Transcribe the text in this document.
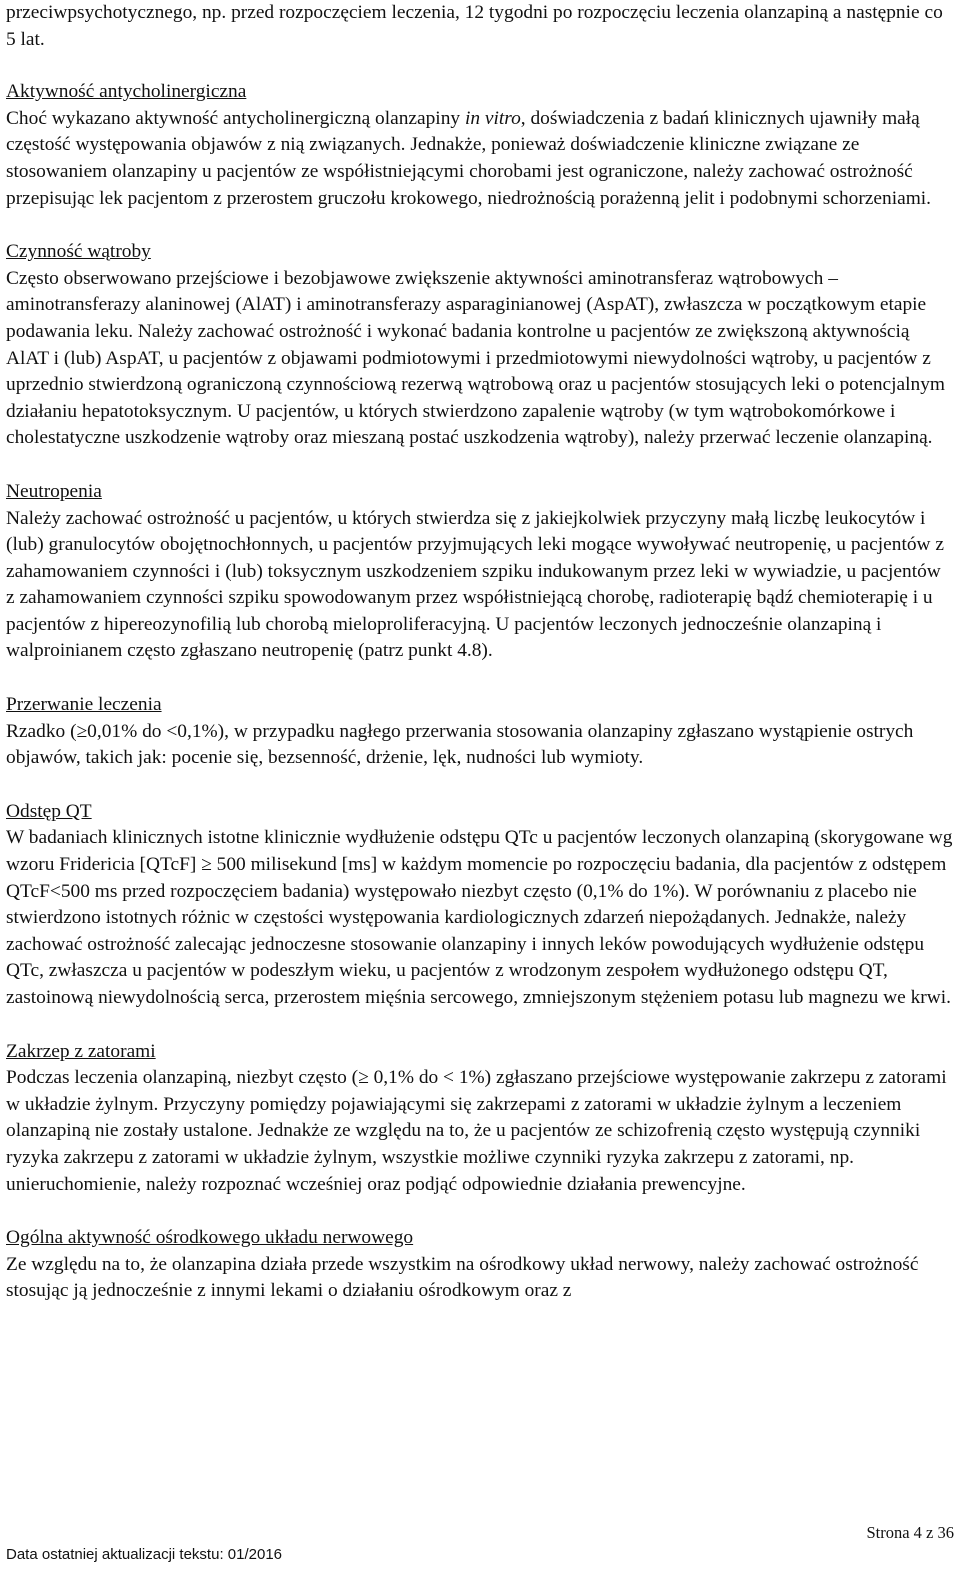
przeciwpsychotycznego, np. przed rozpoczęciem leczenia, 12 tygodni po rozpoczęciu leczenia olanzapiną a następnie co 5 lat.

Aktywność antycholinergiczna

Choć wykazano aktywność antycholinergiczną olanzapiny in vitro, doświadczenia z badań klinicznych ujawniły małą częstość występowania objawów z nią związanych. Jednakże, ponieważ doświadczenie kliniczne związane ze stosowaniem olanzapiny u pacjentów ze współistniejącymi chorobami jest ograniczone, należy zachować ostrożność przepisując lek pacjentom z przerostem gruczołu krokowego, niedrożnością porażenną jelit i podobnymi schorzeniami.

Czynność wątroby

Często obserwowano przejściowe i bezobjawowe zwiększenie aktywności aminotransferaz wątrobowych – aminotransferazy alaninowej (AlAT) i aminotransferazy asparaginianowej (AspAT), zwłaszcza w początkowym etapie podawania leku. Należy zachować ostrożność i wykonać badania kontrolne u pacjentów ze zwiększoną aktywnością AlAT i (lub) AspAT, u pacjentów z objawami podmiotowymi i przedmiotowymi niewydolności wątroby, u pacjentów z uprzednio stwierdzoną ograniczoną czynnościową rezerwą wątrobową oraz u pacjentów stosujących leki o potencjalnym działaniu hepatotoksycznym. U pacjentów, u których stwierdzono zapalenie wątroby (w tym wątrobokomórkowe i cholestatyczne uszkodzenie wątroby oraz mieszaną postać uszkodzenia wątroby), należy przerwać leczenie olanzapiną.

Neutropenia

Należy zachować ostrożność u pacjentów, u których stwierdza się z jakiejkolwiek przyczyny małą liczbę leukocytów i (lub) granulocytów obojętnochłonnych, u pacjentów przyjmujących leki mogące wywoływać neutropenię, u pacjentów z zahamowaniem czynności i (lub) toksycznym uszkodzeniem szpiku indukowanym przez leki w wywiadzie, u pacjentów z zahamowaniem czynności szpiku spowodowanym przez współistniejącą chorobę, radioterapię bądź chemioterapię i u pacjentów z hipereozynofilią lub chorobą mieloproliferacyjną. U pacjentów leczonych jednocześnie olanzapiną i walproinianem często zgłaszano neutropenię (patrz punkt 4.8).

Przerwanie leczenia

Rzadko (≥0,01% do <0,1%), w przypadku nagłego przerwania stosowania olanzapiny zgłaszano wystąpienie ostrych objawów, takich jak: pocenie się, bezsenność, drżenie, lęk, nudności lub wymioty.

Odstęp QT

W badaniach klinicznych istotne klinicznie wydłużenie odstępu QTc u pacjentów leczonych olanzapiną (skorygowane wg wzoru Fridericia [QTcF] ≥ 500 milisekund [ms] w każdym momencie po rozpoczęciu badania, dla pacjentów z odstępem QTcF<500 ms przed rozpoczęciem badania) występowało niezbyt często (0,1% do 1%). W porównaniu z placebo nie stwierdzono istotnych różnic w częstości występowania kardiologicznych zdarzeń niepożądanych. Jednakże, należy zachować ostrożność zalecając jednoczesne stosowanie olanzapiny i innych leków powodujących wydłużenie odstępu QTc, zwłaszcza u pacjentów w podeszłym wieku, u pacjentów z wrodzonym zespołem wydłużonego odstępu QT, zastoinową niewydolnością serca, przerostem mięśnia sercowego, zmniejszonym stężeniem potasu lub magnezu we krwi.

Zakrzep z zatorami

Podczas leczenia olanzapiną, niezbyt często (≥ 0,1% do < 1%) zgłaszano przejściowe występowanie zakrzepu z zatorami w układzie żylnym. Przyczyny pomiędzy pojawiającymi się zakrzepami z zatorami w układzie żylnym a leczeniem olanzapiną nie zostały ustalone. Jednakże ze względu na to, że u pacjentów ze schizofrenią często występują czynniki ryzyka zakrzepu z zatorami w układzie żylnym, wszystkie możliwe czynniki ryzyka zakrzepu z zatorami, np. unieruchomienie, należy rozpoznać wcześniej oraz podjąć odpowiednie działania prewencyjne.

Ogólna aktywność ośrodkowego układu nerwowego

Ze względu na to, że olanzapina działa przede wszystkim na ośrodkowy układ nerwowy, należy zachować ostrożność stosując ją jednocześnie z innymi lekami o działaniu ośrodkowym oraz z

Strona 4 z 36
Data ostatniej aktualizacji tekstu: 01/2016
